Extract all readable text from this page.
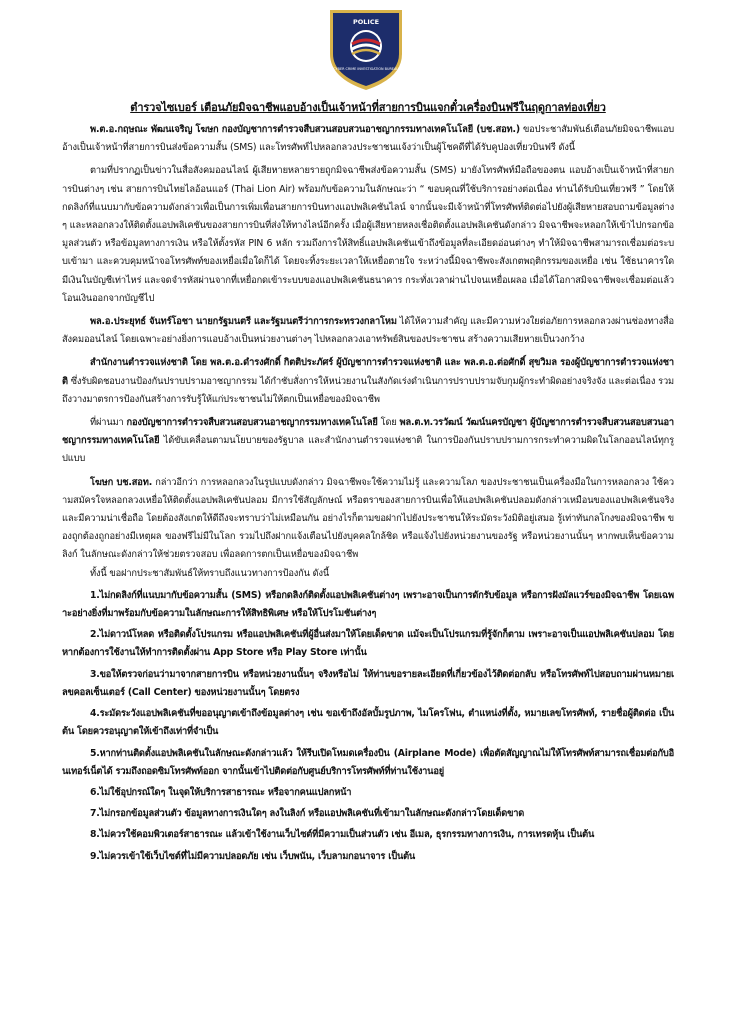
POLICE
CYBER CRIME INVESTIGATION BUREAU
ตำรวจไซเบอร์ เตือนภัยมิจฉาชีพแอบอ้างเป็นเจ้าหน้าที่สายการบินแจกตั๋วเครื่องบินฟรีในฤดูกาลท่องเที่ยว

พ.ต.อ.กฤษณะ พัฒนเจริญ โฆษก กองบัญชาการตำรวจสืบสวนสอบสวนอาชญากรรมทางเทคโนโลยี (บช.สอท.) ขอประชาสัมพันธ์เตือนภัยมิจฉาชีพแอบอ้างเป็นเจ้าหน้าที่สายการบินส่งข้อความสั้น (SMS) และโทรศัพท์ไปหลอกลวงประชาชนแจ้งว่าเป็นผู้โชคดีที่ได้รับคูปองเที่ยวบินฟรี ดังนี้

ตามที่ปรากฏเป็นข่าวในสื่อสังคมออนไลน์ ผู้เสียหายหลายรายถูกมิจฉาชีพส่งข้อความสั้น (SMS) มายังโทรศัพท์มือถือของตน แอบอ้างเป็นเจ้าหน้าที่สายการบินต่างๆ เช่น สายการบินไทยไลอ้อนแอร์ (Thai Lion Air) พร้อมกับข้อความในลักษณะว่า “ ขอบคุณที่ใช้บริการอย่างต่อเนื่อง ท่านได้รับบินเที่ยวฟรี ” โดยให้กดลิงก์ที่แนบมากับข้อความดังกล่าวเพื่อเป็นการเพิ่มเพื่อนสายการบินทางแอปพลิเคชันไลน์ จากนั้นจะมีเจ้าหน้าที่โทรศัพท์ติดต่อไปยังผู้เสียหายสอบถามข้อมูลต่างๆ และหลอกลวงให้ติดตั้งแอปพลิเคชันของสายการบินที่ส่งให้ทางไลน์อีกครั้ง เมื่อผู้เสียหายหลงเชื่อติดตั้งแอปพลิเคชันดังกล่าว มิจฉาชีพจะหลอกให้เข้าไปกรอกข้อมูลส่วนตัว หรือข้อมูลทางการเงิน หรือให้ตั้งรหัส PIN 6 หลัก รวมถึงการให้สิทธิ์แอปพลิเคชันเข้าถึงข้อมูลที่ละเอียดอ่อนต่างๆ ทำให้มิจฉาชีพสามารถเชื่อมต่อระบบเข้ามา และควบคุมหน้าจอโทรศัพท์ของเหยื่อเมื่อใดก็ได้ โดยจะทิ้งระยะเวลาให้เหยื่อตายใจ ระหว่างนี้มิจฉาชีพจะสังเกตพฤติกรรมของเหยื่อ เช่น ใช้ธนาคารใด มีเงินในบัญชีเท่าไหร่ และจดจำรหัสผ่านจากที่เหยื่อกดเข้าระบบของแอปพลิเคชันธนาคาร กระทั่งเวลาผ่านไปจนเหยื่อเผลอ เมื่อได้โอกาสมิจฉาชีพจะเชื่อมต่อแล้วโอนเงินออกจากบัญชีไป

พล.อ.ประยุทธ์ จันทร์โอชา นายกรัฐมนตรี และรัฐมนตรีว่าการกระทรวงกลาโหม ได้ให้ความสำคัญ และมีความห่วงใยต่อภัยการหลอกลวงผ่านช่องทางสื่อสังคมออนไลน์ โดยเฉพาะอย่างยิ่งการแอบอ้างเป็นหน่วยงานต่างๆ ไปหลอกลวงเอาทรัพย์สินของประชาชน สร้างความเสียหายเป็นวงกว้าง

สำนักงานตำรวจแห่งชาติ โดย พล.ต.อ.ดำรงศักดิ์ กิตติประภัศร์ ผู้บัญชาการตำรวจแห่งชาติ และ พล.ต.อ.ต่อศักดิ์ สุขวิมล รองผู้บัญชาการตำรวจแห่งชาติ ซึ่งรับผิดชอบงานป้องกันปราบปรามอาชญากรรม ได้กำชับสั่งการให้หน่วยงานในสังกัดเร่งดำเนินการปราบปรามจับกุมผู้กระทำผิดอย่างจริงจัง และต่อเนื่อง รวมถึงวางมาตรการป้องกันสร้างการรับรู้ให้แก่ประชาชนไม่ให้ตกเป็นเหยื่อของมิจฉาชีพ

ที่ผ่านมา กองบัญชาการตำรวจสืบสวนสอบสวนอาชญากรรมทางเทคโนโลยี โดย พล.ต.ท.วรวัฒน์ วัฒน์นครบัญชา ผู้บัญชาการตำรวจสืบสวนสอบสวนอาชญากรรมทางเทคโนโลยี ได้ขับเคลื่อนตามนโยบายของรัฐบาล และสำนักงานตำรวจแห่งชาติ ในการป้องกันปราบปรามการกระทำความผิดในโลกออนไลน์ทุกรูปแบบ

โฆษก บช.สอท. กล่าวอีกว่า การหลอกลวงในรูปแบบดังกล่าว มิจฉาชีพจะใช้ความไม่รู้ และความโลภ ของประชาชนเป็นเครื่องมือในการหลอกลวง ใช้ความสมัครใจหลอกลวงเหยื่อให้ติดตั้งแอปพลิเคชันปลอม มีการใช้สัญลักษณ์ หรือตราของสายการบินเพื่อให้แอปพลิเคชันปลอมดังกล่าวเหมือนของแอปพลิเคชันจริง และมีความน่าเชื่อถือ โดยต้องสังเกตให้ดีถึงจะทราบว่าไม่เหมือนกัน อย่างไรก็ตามขอฝากไปยังประชาชนให้ระมัดระวังมิติอยู่เสมอ รู้เท่าทันกลโกงของมิจฉาชีพ ของถูกต้องถูกอย่างมีเหตุผล ของฟรีไม่มีในโลก รวมไปถึงฝากแจ้งเตือนไปยังบุคคลใกล้ชิด หรือแจ้งไปยังหน่วยงานของรัฐ หรือหน่วยงานนั้นๆ หากพบเห็นข้อความ ลิงก์ ในลักษณะดังกล่าวให้ช่วยตรวจสอบ เพื่อลดการตกเป็นเหยื่อของมิจฉาชีพ

ทั้งนี้ ขอฝากประชาสัมพันธ์ให้ทราบถึงแนวทางการป้องกัน ดังนี้

1.ไม่กดลิงก์ที่แนบมากับข้อความสั้น (SMS) หรือกดลิงก์ติดตั้งแอปพลิเคชันต่างๆ เพราะอาจเป็นการดักรับข้อมูล หรือการฝังมัลแวร์ของมิจฉาชีพ โดยเฉพาะอย่างยิ่งที่มาพร้อมกับข้อความในลักษณะการให้สิทธิพิเศษ หรือให้โปรโมชันต่างๆ

2.ไม่ดาวน์โหลด หรือติดตั้งโปรแกรม หรือแอปพลิเคชันที่ผู้อื่นส่งมาให้โดยเด็ดขาด แม้จะเป็นโปรแกรมที่รู้จักก็ตาม เพราะอาจเป็นแอปพลิเคชันปลอม โดยหากต้องการใช้งานให้ทำการติดตั้งผ่าน App Store หรือ Play Store เท่านั้น

3.ขอให้ตรวจก่อนว่ามาจากสายการบิน หรือหน่วยงานนั้นๆ จริงหรือไม่ ให้ท่านขอรายละเอียดที่เกี่ยวข้องไว้ติดต่อกลับ หรือโทรศัพท์ไปสอบถามผ่านหมายเลขคอลเซ็นเตอร์ (Call Center) ของหน่วยงานนั้นๆ โดยตรง

4.ระมัดระวังแอปพลิเคชันที่ขออนุญาตเข้าถึงข้อมูลต่างๆ เช่น ขอเข้าถึงอัลบั้มรูปภาพ, ไมโครโฟน, ตำแหน่งที่ตั้ง, หมายเลขโทรศัพท์, รายชื่อผู้ติดต่อ เป็นต้น โดยควรอนุญาตให้เข้าถึงเท่าที่จำเป็น

5.หากท่านติดตั้งแอปพลิเคชันในลักษณะดังกล่าวแล้ว ให้รีบเปิดโหมดเครื่องบิน (Airplane Mode) เพื่อตัดสัญญาณไม่ให้โทรศัพท์สามารถเชื่อมต่อกับอินเทอร์เน็ตได้ รวมถึงถอดซิมโทรศัพท์ออก จากนั้นเข้าไปติดต่อกับศูนย์บริการโทรศัพท์ที่ท่านใช้งานอยู่

6.ไม่ใช้อุปกรณ์ใดๆ ในจุดให้บริการสาธารณะ หรือจากคนแปลกหน้า

7.ไม่กรอกข้อมูลส่วนตัว ข้อมูลทางการเงินใดๆ ลงในลิงก์ หรือแอปพลิเคชันที่เข้ามาในลักษณะดังกล่าวโดยเด็ดขาด

8.ไม่ควรใช้คอมพิวเตอร์สาธารณะ แล้วเข้าใช้งานเว็บไซต์ที่มีความเป็นส่วนตัว เช่น อีเมล, ธุรกรรมทางการเงิน, การเทรดหุ้น เป็นต้น

9.ไม่ควรเข้าใช้เว็บไซต์ที่ไม่มีความปลอดภัย เช่น เว็บพนัน, เว็บลามกอนาจาร เป็นต้น
